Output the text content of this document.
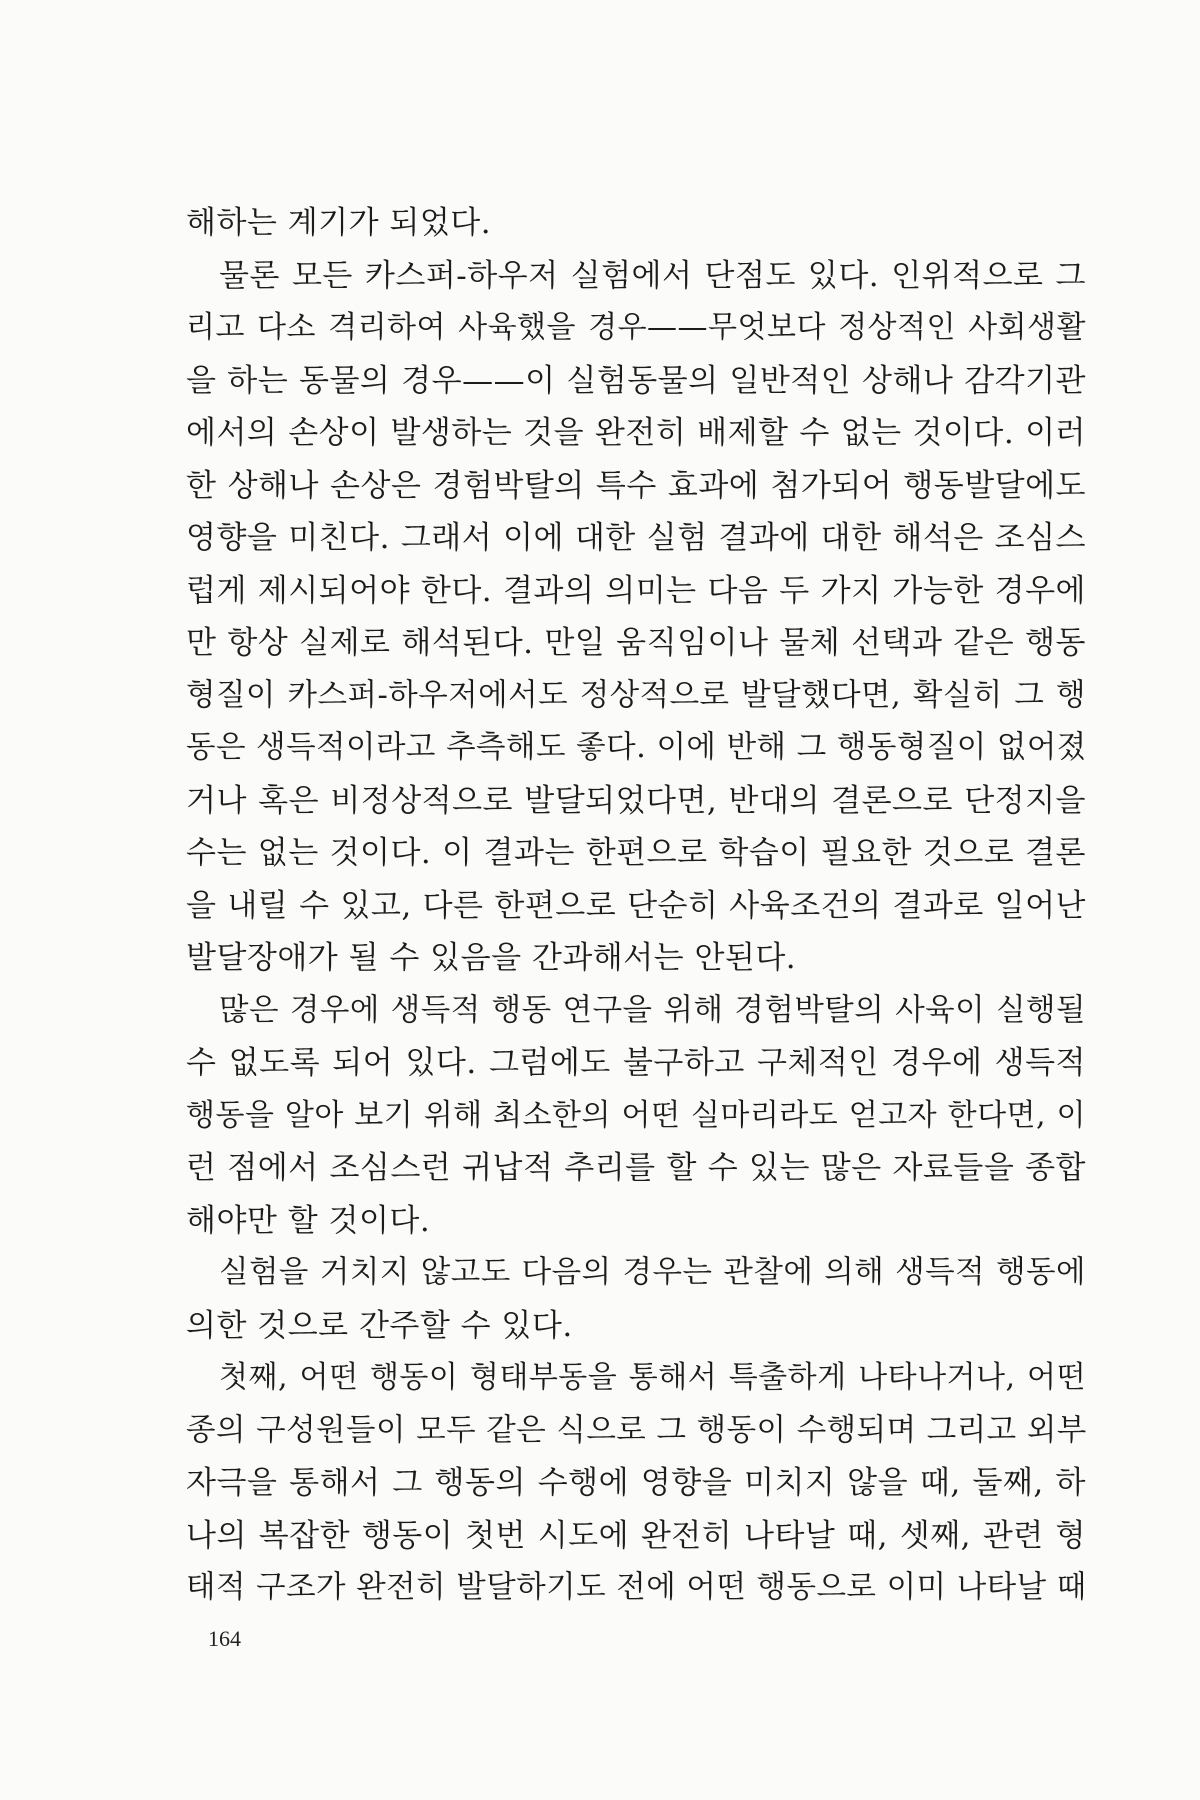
해하는 계기가 되었다.
물론 모든 카스퍼-하우저 실험에서 단점도 있다. 인위적으로 그
리고 다소 격리하여 사육했을 경우——무엇보다 정상적인 사회생활
을 하는 동물의 경우——이 실험동물의 일반적인 상해나 감각기관
에서의 손상이 발생하는 것을 완전히 배제할 수 없는 것이다. 이러
한 상해나 손상은 경험박탈의 특수 효과에 첨가되어 행동발달에도
영향을 미친다. 그래서 이에 대한 실험 결과에 대한 해석은 조심스
럽게 제시되어야 한다. 결과의 의미는 다음 두 가지 가능한 경우에
만 항상 실제로 해석된다. 만일 움직임이나 물체 선택과 같은 행동
형질이 카스퍼-하우저에서도 정상적으로 발달했다면, 확실히 그 행
동은 생득적이라고 추측해도 좋다. 이에 반해 그 행동형질이 없어졌
거나 혹은 비정상적으로 발달되었다면, 반대의 결론으로 단정지을
수는 없는 것이다. 이 결과는 한편으로 학습이 필요한 것으로 결론
을 내릴 수 있고, 다른 한편으로 단순히 사육조건의 결과로 일어난
발달장애가 될 수 있음을 간과해서는 안된다.
많은 경우에 생득적 행동 연구을 위해 경험박탈의 사육이 실행될
수 없도록 되어 있다. 그럼에도 불구하고 구체적인 경우에 생득적
행동을 알아 보기 위해 최소한의 어떤 실마리라도 얻고자 한다면, 이
런 점에서 조심스런 귀납적 추리를 할 수 있는 많은 자료들을 종합
해야만 할 것이다.
실험을 거치지 않고도 다음의 경우는 관찰에 의해 생득적 행동에
의한 것으로 간주할 수 있다.
첫째, 어떤 행동이 형태부동을 통해서 특출하게 나타나거나, 어떤
종의 구성원들이 모두 같은 식으로 그 행동이 수행되며 그리고 외부
자극을 통해서 그 행동의 수행에 영향을 미치지 않을 때, 둘째, 하
나의 복잡한 행동이 첫번 시도에 완전히 나타날 때, 셋째, 관련 형
태적 구조가 완전히 발달하기도 전에 어떤 행동으로 이미 나타날 때
164
